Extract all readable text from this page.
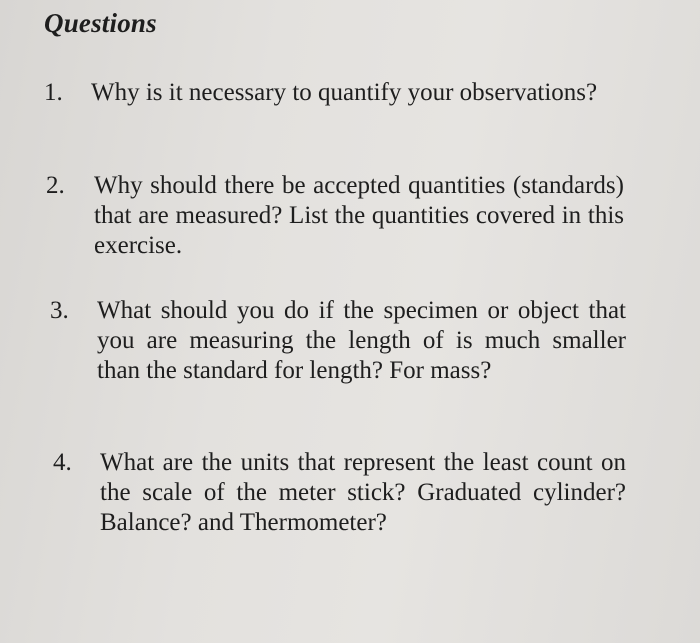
Questions
1. Why is it necessary to quantify your observations?
2. Why should there be accepted quantities (standards) that are measured? List the quantities covered in this exercise.
3. What should you do if the specimen or object that you are measuring the length of is much smaller than the standard for length? For mass?
4. What are the units that represent the least count on the scale of the meter stick? Graduated cylinder? Balance? and Thermometer?
